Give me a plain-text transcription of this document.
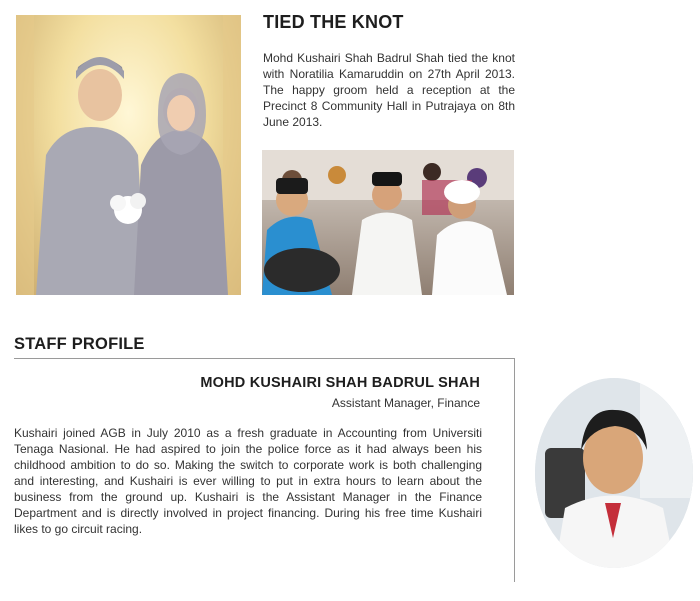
TIED THE KNOT

Mohd Kushairi Shah Badrul Shah tied the knot with Noratilia Kamaruddin on 27th April 2013. The happy groom held a reception at the Precinct 8 Community Hall in Putrajaya on 8th June 2013.

STAFF PROFILE

MOHD KUSHAIRI SHAH BADRUL SHAH

Assistant Manager, Finance

Kushairi joined AGB in July 2010 as a fresh graduate in Accounting from Universiti Tenaga Nasional. He had aspired to join the police force as it had always been his childhood ambition to do so. Making the switch to corporate work is both challenging and interesting, and Kushairi is ever willing to put in extra hours to learn about the business from the ground up. Kushairi is the Assistant Manager in the Finance Department and is directly involved in project financing. During his free time Kushairi likes to go circuit racing.
